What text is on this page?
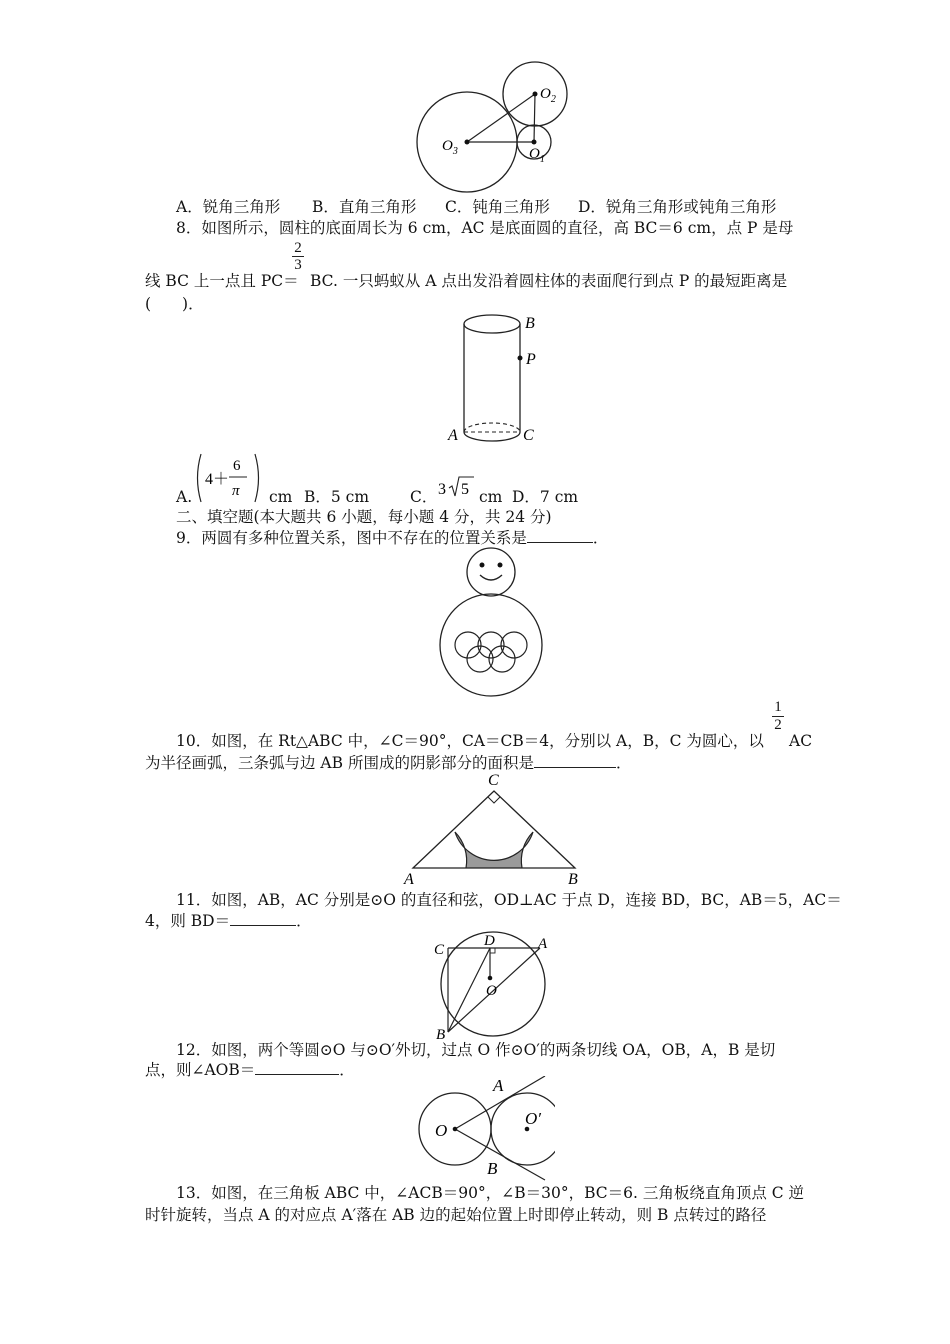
$O_3$
$O_2$
$O_1$
A．锐角三角形 B．直角三角形 C．钝角三角形 D．锐角三角形或钝角三角形
8．如图所示，圆柱的底面周长为 6 cm，AC 是底面圆的直径，高 BC＝6 cm，点 P 是母
2
3
线 BC 上一点且 PC＝ BC. 一只蚂蚁从 A 点出发沿着圆柱体的表面爬行到点 P 的最短距离是
(　　)．
B
P
A	C
A.
4＋
6
π cm B．5 cm	C． 3 5 cm D．7 cm
二、填空题(本大题共 6 小题，每小题 4 分，共 24 分)
9．两圆有多种位置关系，图中不存在的位置关系是	．
1
2
10．如图，在 Rt△ABC 中，∠C＝90°，CA＝CB＝4，分别以 A，B，C 为圆心，以 AC
为半径画弧，三条弧与边 AB 所围成的阴影部分的面积是	．
C
A	B
11．如图，AB，AC 分别是⊙O 的直径和弦，OD⊥AC 于点 D，连接 BD，BC，AB＝5，AC＝
4，则 BD＝	．
C
D	A
O
B
12．如图，两个等圆⊙O 与⊙O′外切，过点 O 作⊙O′的两条切线 OA，OB，A，B 是切
点，则∠AOB＝	．
A
O
O′
B
13．如图，在三角板 ABC 中，∠ACB＝90°，∠B＝30°，BC＝6. 三角板绕直角顶点 C 逆
时针旋转，当点 A 的对应点 A′落在 AB 边的起始位置上时即停止转动，则 B 点转过的路径
